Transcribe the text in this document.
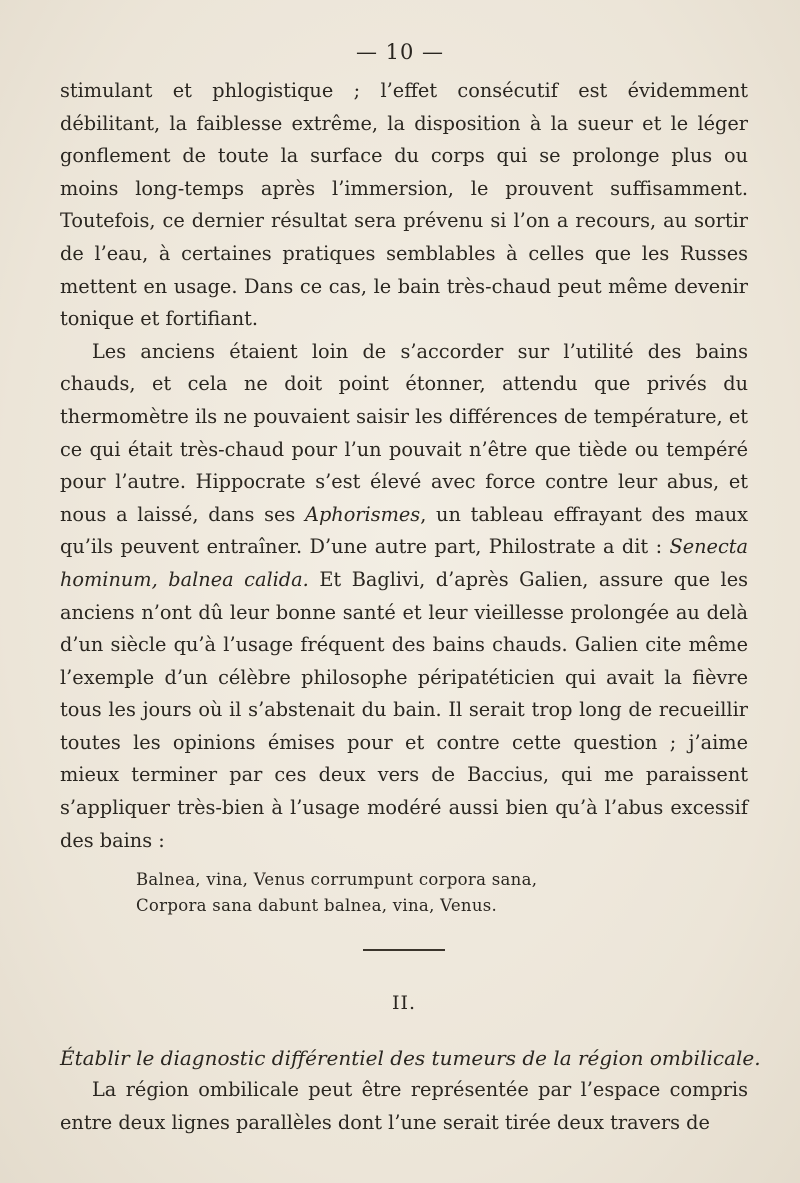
— 10 —

stimulant et phlogistique ; l’effet consécutif est évidemment débilitant, la faiblesse extrême, la disposition à la sueur et le léger gonflement de toute la surface du corps qui se prolonge plus ou moins long-temps après l’immersion, le prouvent suffisamment. Toutefois, ce dernier résultat sera prévenu si l’on a recours, au sortir de l’eau, à certaines pratiques semblables à celles que les Russes mettent en usage. Dans ce cas, le bain très-chaud peut même devenir tonique et fortifiant.

Les anciens étaient loin de s’accorder sur l’utilité des bains chauds, et cela ne doit point étonner, attendu que privés du thermomètre ils ne pouvaient saisir les différences de température, et ce qui était très-chaud pour l’un pouvait n’être que tiède ou tempéré pour l’autre. Hippocrate s’est élevé avec force contre leur abus, et nous a laissé, dans ses Aphorismes, un tableau effrayant des maux qu’ils peuvent entraîner. D’une autre part, Philostrate a dit : Senecta hominum, balnea calida. Et Baglivi, d’après Galien, assure que les anciens n’ont dû leur bonne santé et leur vieillesse prolongée au delà d’un siècle qu’à l’usage fréquent des bains chauds. Galien cite même l’exemple d’un célèbre philosophe péripatéticien qui avait la fièvre tous les jours où il s’abstenait du bain. Il serait trop long de recueillir toutes les opinions émises pour et contre cette question ; j’aime mieux terminer par ces deux vers de Baccius, qui me paraissent s’appliquer très-bien à l’usage modéré aussi bien qu’à l’abus excessif des bains :

Balnea, vina, Venus corrumpunt corpora sana,
Corpora sana dabunt balnea, vina, Venus.
II.
Établir le diagnostic différentiel des tumeurs de la région ombilicale.

La région ombilicale peut être représentée par l’espace compris entre deux lignes parallèles dont l’une serait tirée deux travers de
